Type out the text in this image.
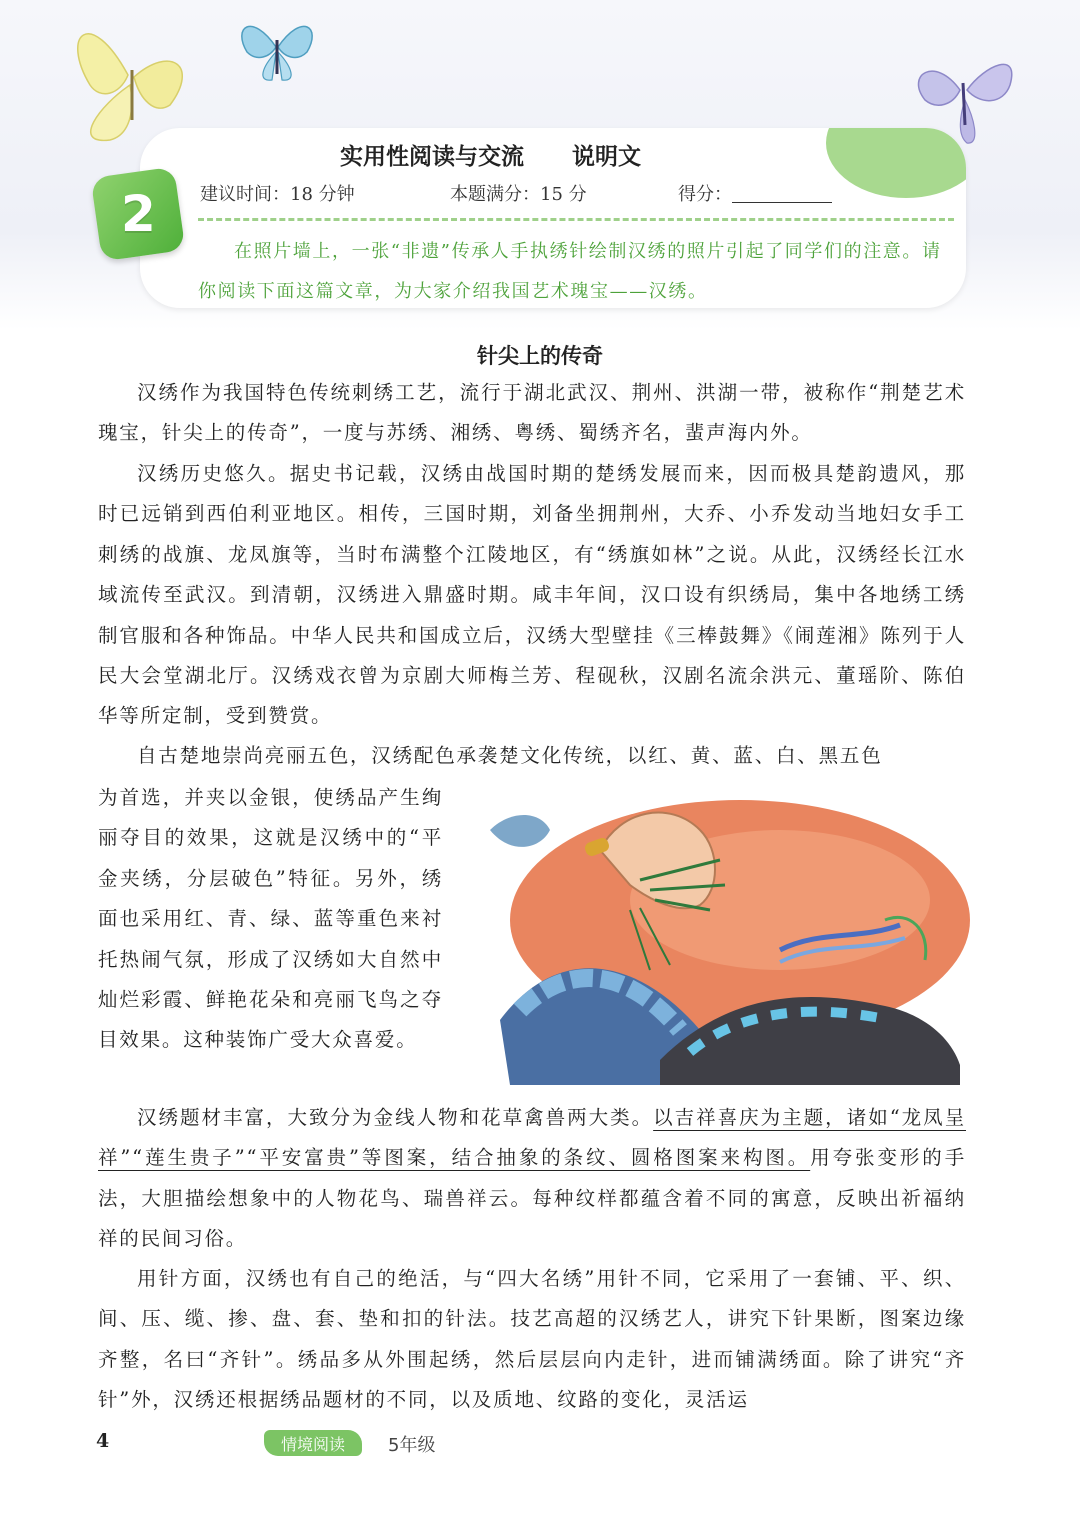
2
实用性阅读与交流 说明文
建议时间：18 分钟	本题满分：15 分	得分：
在照片墙上，一张“非遗”传承人手执绣针绘制汉绣的照片引起了同学们的注意。请你阅读下面这篇文章，为大家介绍我国艺术瑰宝——汉绣。
针尖上的传奇
汉绣作为我国特色传统刺绣工艺，流行于湖北武汉、荆州、洪湖一带，被称作“荆楚艺术瑰宝，针尖上的传奇”，一度与苏绣、湘绣、粤绣、蜀绣齐名，蜚声海内外。
汉绣历史悠久。据史书记载，汉绣由战国时期的楚绣发展而来，因而极具楚韵遗风，那时已远销到西伯利亚地区。相传，三国时期，刘备坐拥荆州，大乔、小乔发动当地妇女手工刺绣的战旗、龙凤旗等，当时布满整个江陵地区，有“绣旗如林”之说。从此，汉绣经长江水域流传至武汉。到清朝，汉绣进入鼎盛时期。咸丰年间，汉口设有织绣局，集中各地绣工绣制官服和各种饰品。中华人民共和国成立后，汉绣大型壁挂《三棒鼓舞》《闹莲湘》陈列于人民大会堂湖北厅。汉绣戏衣曾为京剧大师梅兰芳、程砚秋，汉剧名流余洪元、董瑶阶、陈伯华等所定制，受到赞赏。
自古楚地崇尚亮丽五色，汉绣配色承袭楚文化传统，以红、黄、蓝、白、黑五色
为首选，并夹以金银，使绣品产生绚丽夺目的效果，这就是汉绣中的“平金夹绣，分层破色”特征。另外，绣面也采用红、青、绿、蓝等重色来衬托热闹气氛，形成了汉绣如大自然中灿烂彩霞、鲜艳花朵和亮丽飞鸟之夺目效果。这种装饰广受大众喜爱。
汉绣题材丰富，大致分为金线人物和花草禽兽两大类。以吉祥喜庆为主题，诸如“龙凤呈祥”“莲生贵子”“平安富贵”等图案，结合抽象的条纹、圆格图案来构图。用夸张变形的手法，大胆描绘想象中的人物花鸟、瑞兽祥云。每种纹样都蕴含着不同的寓意，反映出祈福纳祥的民间习俗。
用针方面，汉绣也有自己的绝活，与“四大名绣”用针不同，它采用了一套铺、平、织、间、压、缆、掺、盘、套、垫和扣的针法。技艺高超的汉绣艺人，讲究下针果断，图案边缘齐整，名曰“齐针”。绣品多从外围起绣，然后层层向内走针，进而铺满绣面。除了讲究“齐针”外，汉绣还根据绣品题材的不同，以及质地、纹路的变化，灵活运
4	情境阅读 5年级
